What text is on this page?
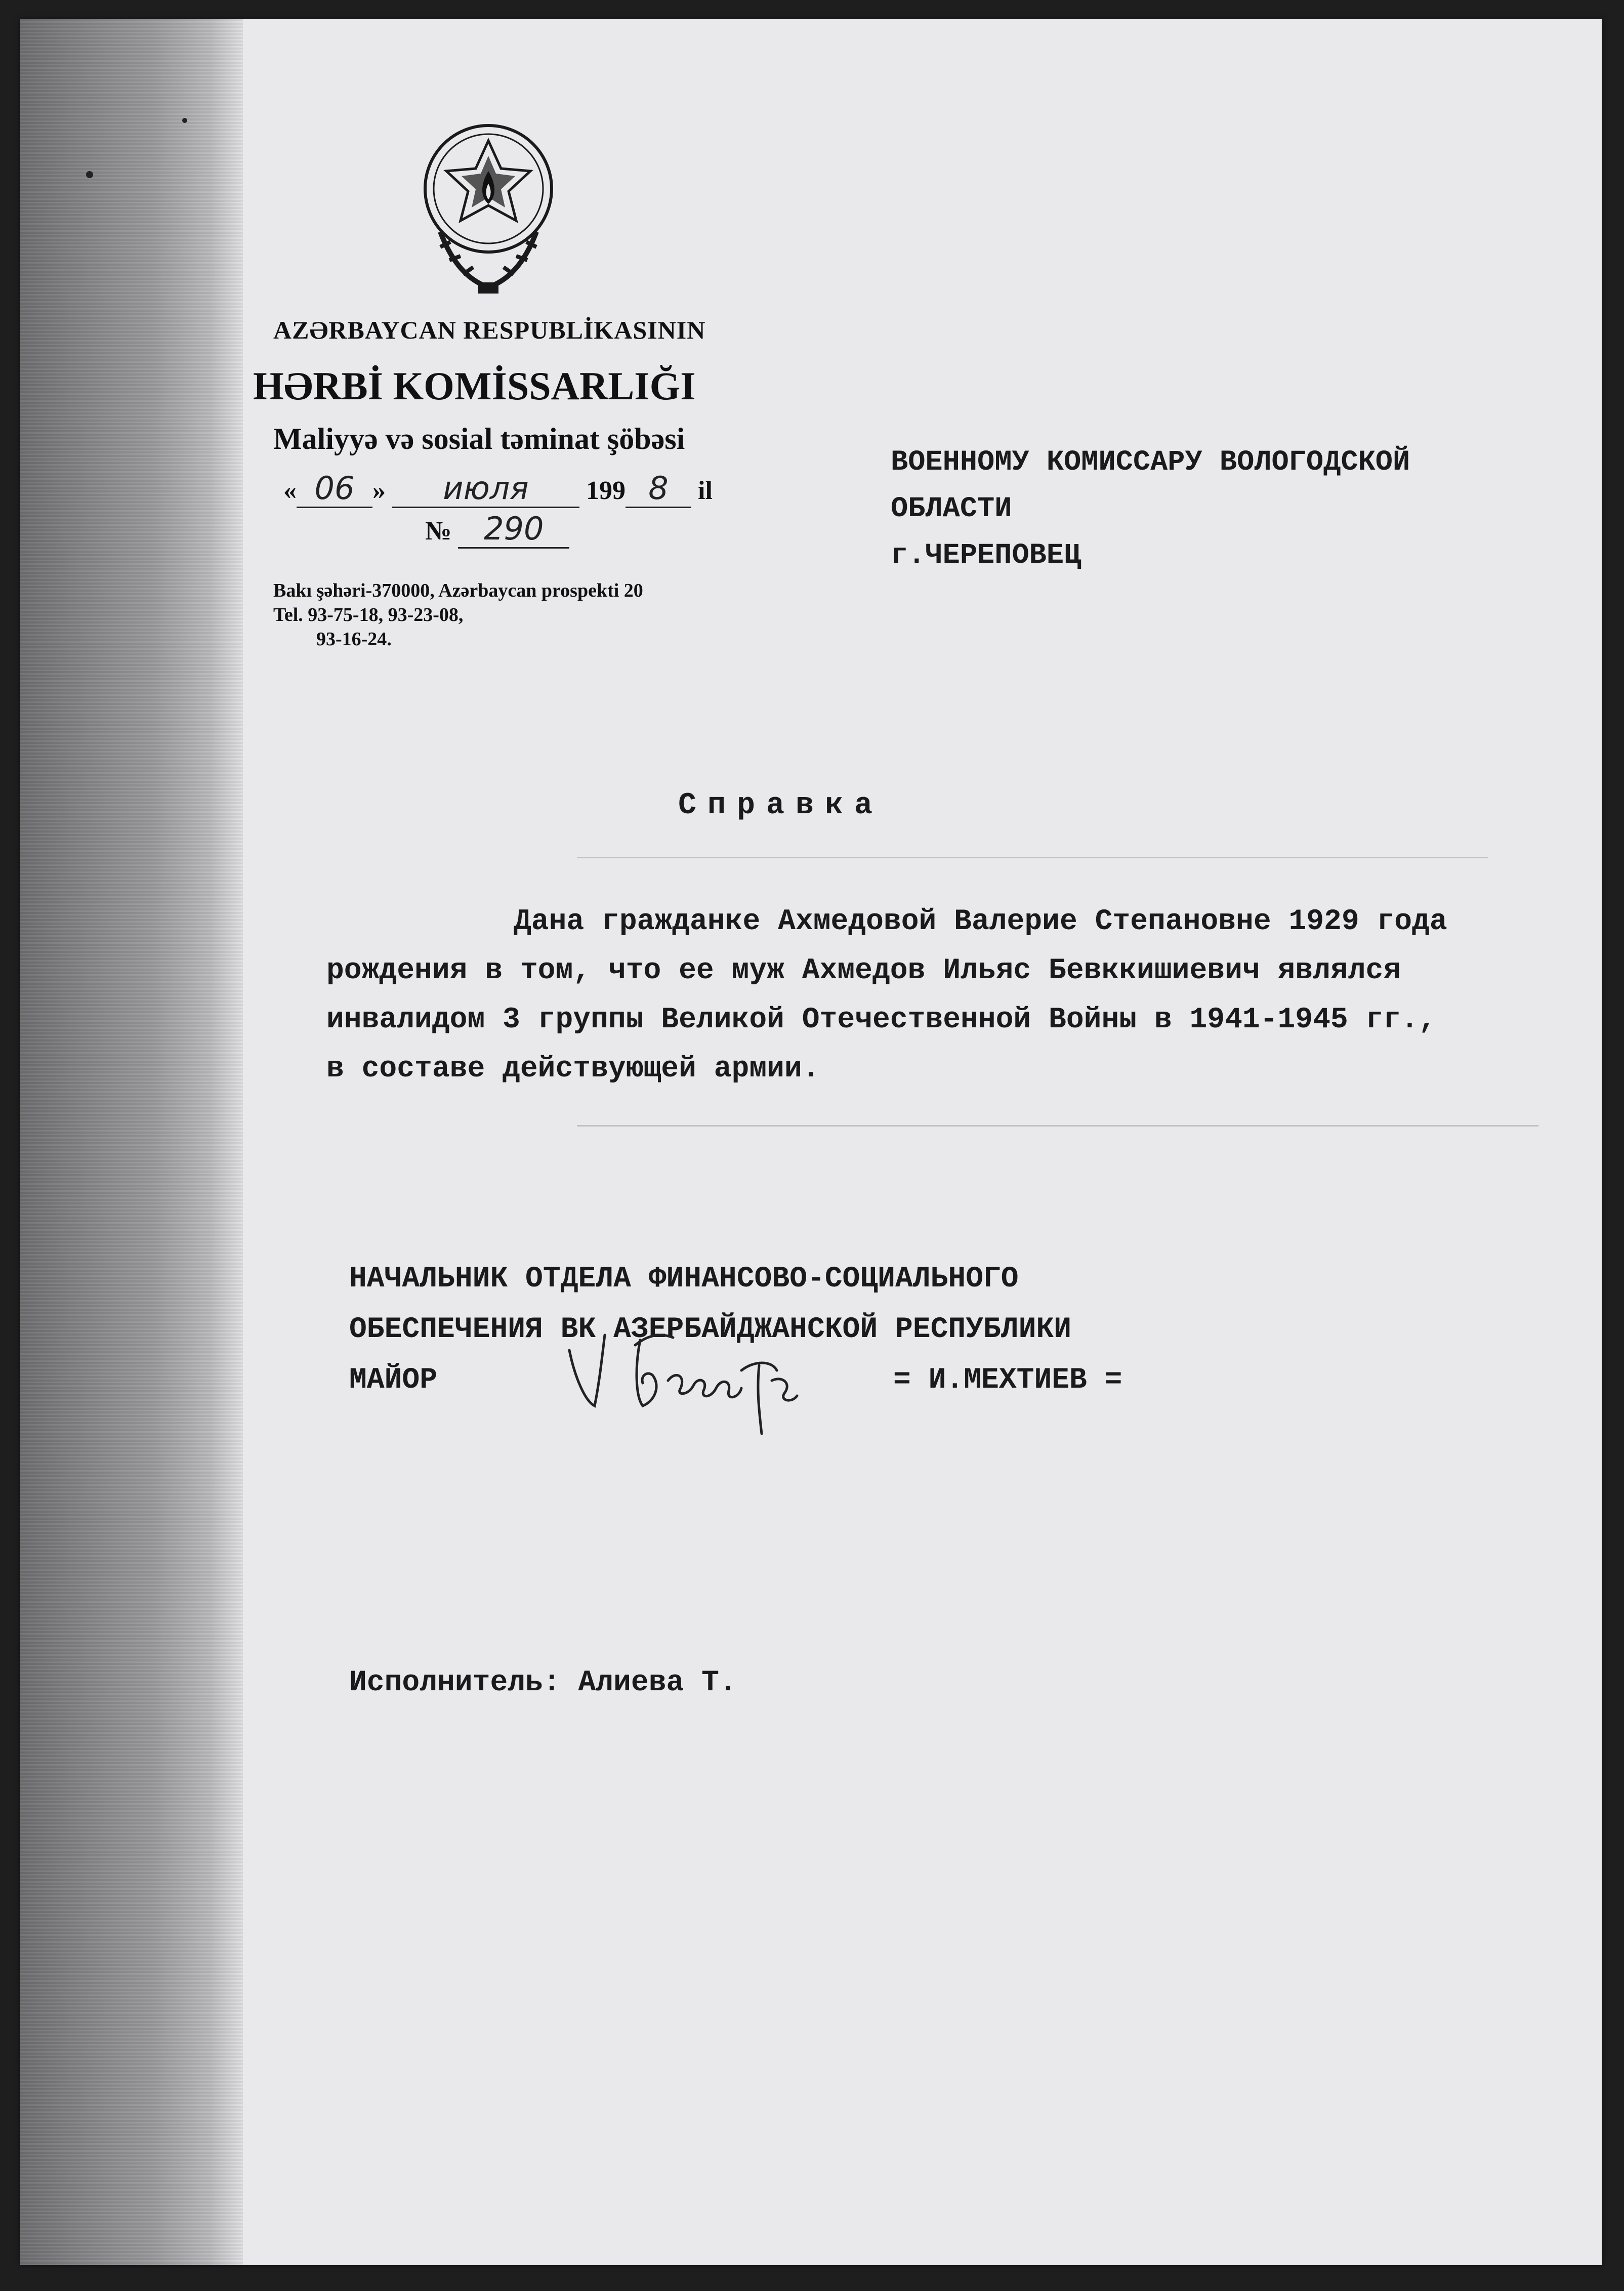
AZƏRBAYCAN RESPUBLİKASININ
HƏRBİ KOMİSSARLIĞI
Maliyyə və sosial təminat şöbəsi
« 06 » июля 199 8 il
№ 290
Bakı şəhəri-370000, Azərbaycan prospekti 20
Tel. 93-75-18, 93-23-08,
93-16-24.
ВОЕННОМУ КОМИССАРУ ВОЛОГОДСКОЙ
ОБЛАСТИ
г.ЧЕРЕПОВЕЦ
Справка
Дана гражданке Ахмедовой Валерие Степановне 1929 года
рождения в том, что ее муж Ахмедов Ильяс Бевккишиевич являлся
инвалидом 3 группы Великой Отечественной Войны в 1941-1945 гг.,
в составе действующей армии.
НАЧАЛЬНИК ОТДЕЛА ФИНАНСОВО-СОЦИАЛЬНОГО
ОБЕСПЕЧЕНИЯ ВК АЗЕРБАЙДЖАНСКОЙ РЕСПУБЛИКИ
МАЙОР	= И.МЕХТИЕВ =
Исполнитель: Алиева Т.
